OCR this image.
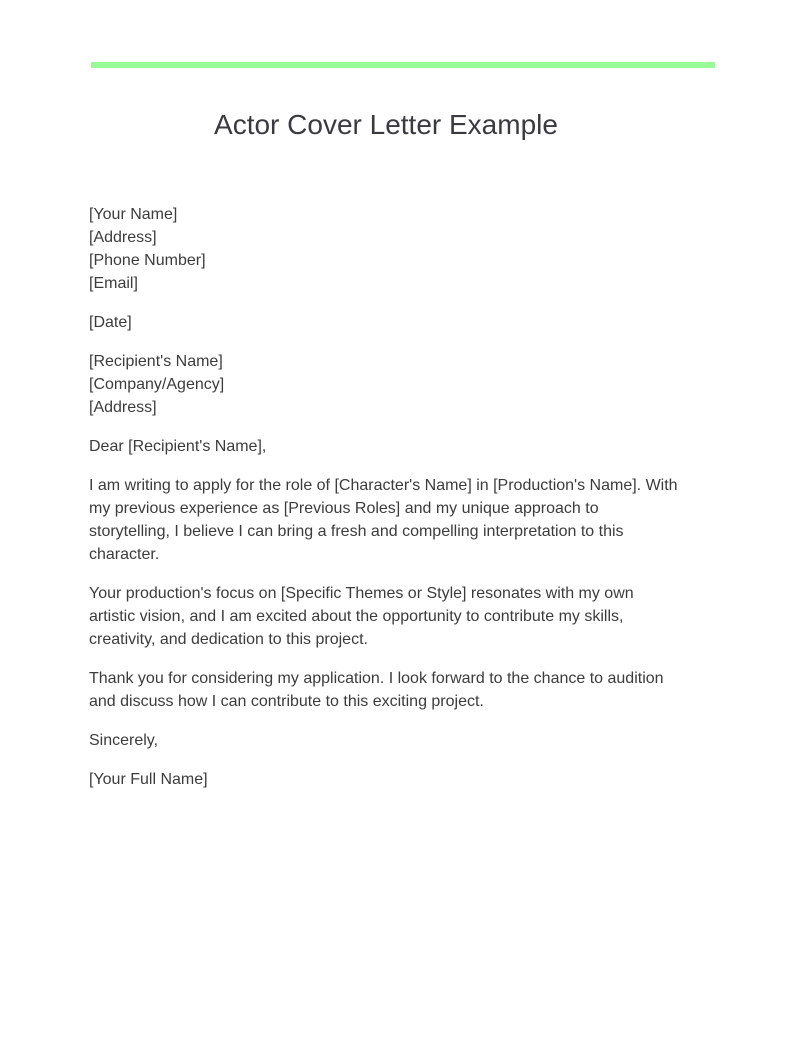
Actor Cover Letter Example
[Your Name]
[Address]
[Phone Number]
[Email]
[Date]
[Recipient's Name]
[Company/Agency]
[Address]
Dear [Recipient's Name],
I am writing to apply for the role of [Character's Name] in [Production's Name]. With
my previous experience as [Previous Roles] and my unique approach to
storytelling, I believe I can bring a fresh and compelling interpretation to this
character.
Your production's focus on [Specific Themes or Style] resonates with my own
artistic vision, and I am excited about the opportunity to contribute my skills,
creativity, and dedication to this project.
Thank you for considering my application. I look forward to the chance to audition
and discuss how I can contribute to this exciting project.
Sincerely,
[Your Full Name]
